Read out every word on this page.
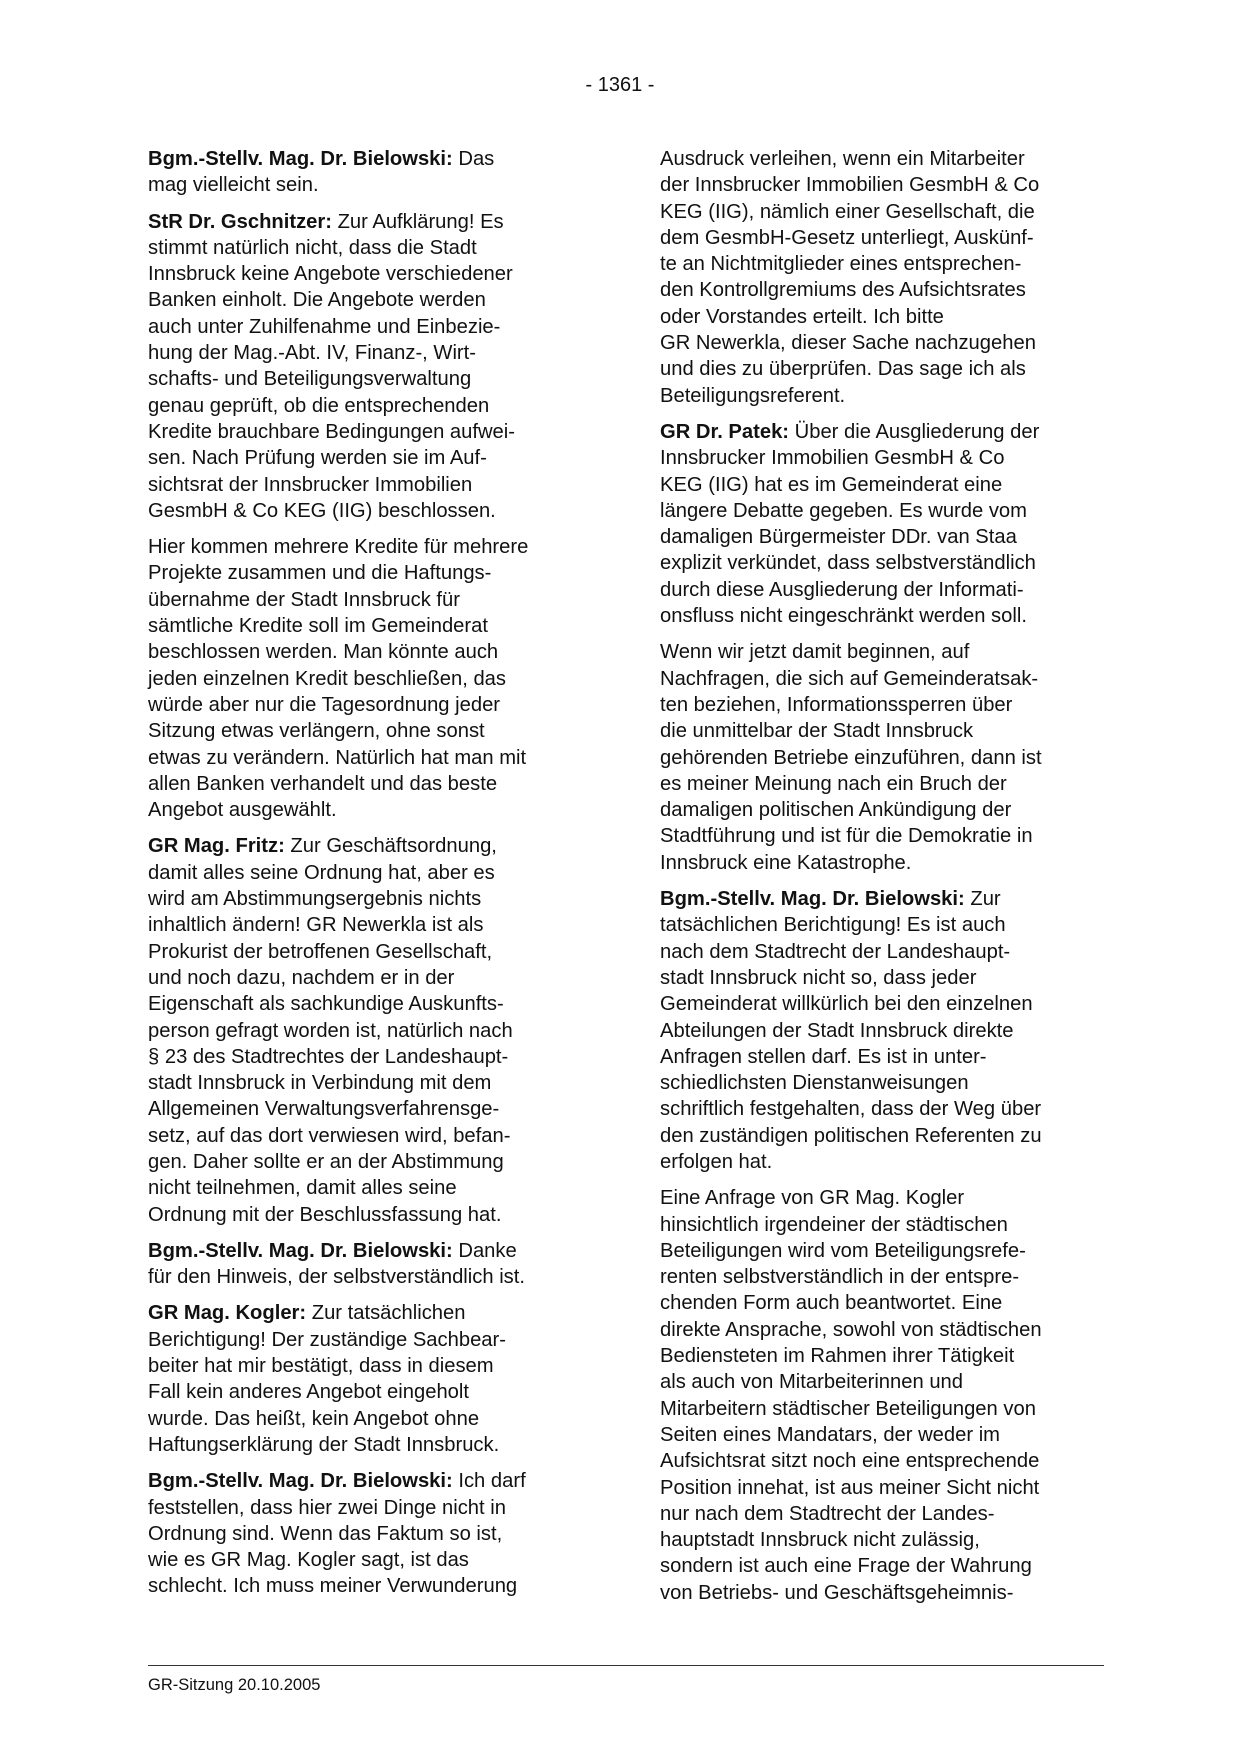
- 1361 -
Bgm.-Stellv. Mag. Dr. Bielowski: Das
mag vielleicht sein.
StR Dr. Gschnitzer: Zur Aufklärung! Es
stimmt natürlich nicht, dass die Stadt
Innsbruck keine Angebote verschiedener
Banken einholt. Die Angebote werden
auch unter Zuhilfenahme und Einbezie-
hung der Mag.-Abt. IV, Finanz-, Wirt-
schafts- und Beteiligungsverwaltung
genau geprüft, ob die entsprechenden
Kredite brauchbare Bedingungen aufwei-
sen. Nach Prüfung werden sie im Auf-
sichtsrat der Innsbrucker Immobilien
GesmbH & Co KEG (IIG) beschlossen.
Hier kommen mehrere Kredite für mehrere
Projekte zusammen und die Haftungs-
übernahme der Stadt Innsbruck für
sämtliche Kredite soll im Gemeinderat
beschlossen werden. Man könnte auch
jeden einzelnen Kredit beschließen, das
würde aber nur die Tagesordnung jeder
Sitzung etwas verlängern, ohne sonst
etwas zu verändern. Natürlich hat man mit
allen Banken verhandelt und das beste
Angebot ausgewählt.
GR Mag. Fritz: Zur Geschäftsordnung,
damit alles seine Ordnung hat, aber es
wird am Abstimmungsergebnis nichts
inhaltlich ändern! GR Newerkla ist als
Prokurist der betroffenen Gesellschaft,
und noch dazu, nachdem er in der
Eigenschaft als sachkundige Auskunfts-
person gefragt worden ist, natürlich nach
§ 23 des Stadtrechtes der Landeshaupt-
stadt Innsbruck in Verbindung mit dem
Allgemeinen Verwaltungsverfahrensge-
setz, auf das dort verwiesen wird, befan-
gen. Daher sollte er an der Abstimmung
nicht teilnehmen, damit alles seine
Ordnung mit der Beschlussfassung hat.
Bgm.-Stellv. Mag. Dr. Bielowski: Danke
für den Hinweis, der selbstverständlich ist.
GR Mag. Kogler: Zur tatsächlichen
Berichtigung! Der zuständige Sachbear-
beiter hat mir bestätigt, dass in diesem
Fall kein anderes Angebot eingeholt
wurde. Das heißt, kein Angebot ohne
Haftungserklärung der Stadt Innsbruck.
Bgm.-Stellv. Mag. Dr. Bielowski: Ich darf
feststellen, dass hier zwei Dinge nicht in
Ordnung sind. Wenn das Faktum so ist,
wie es GR Mag. Kogler sagt, ist das
schlecht. Ich muss meiner Verwunderung
Ausdruck verleihen, wenn ein Mitarbeiter
der Innsbrucker Immobilien GesmbH & Co
KEG (IIG), nämlich einer Gesellschaft, die
dem GesmbH-Gesetz unterliegt, Auskünf-
te an Nichtmitglieder eines entsprechen-
den Kontrollgremiums des Aufsichtsrates
oder Vorstandes erteilt. Ich bitte
GR Newerkla, dieser Sache nachzugehen
und dies zu überprüfen. Das sage ich als
Beteiligungsreferent.
GR Dr. Patek: Über die Ausgliederung der
Innsbrucker Immobilien GesmbH & Co
KEG (IIG) hat es im Gemeinderat eine
längere Debatte gegeben. Es wurde vom
damaligen Bürgermeister DDr. van Staa
explizit verkündet, dass selbstverständlich
durch diese Ausgliederung der Informati-
onsfluss nicht eingeschränkt werden soll.
Wenn wir jetzt damit beginnen, auf
Nachfragen, die sich auf Gemeinderatsak-
ten beziehen, Informationssperren über
die unmittelbar der Stadt Innsbruck
gehörenden Betriebe einzuführen, dann ist
es meiner Meinung nach ein Bruch der
damaligen politischen Ankündigung der
Stadtführung und ist für die Demokratie in
Innsbruck eine Katastrophe.
Bgm.-Stellv. Mag. Dr. Bielowski: Zur
tatsächlichen Berichtigung! Es ist auch
nach dem Stadtrecht der Landeshaupt-
stadt Innsbruck nicht so, dass jeder
Gemeinderat willkürlich bei den einzelnen
Abteilungen der Stadt Innsbruck direkte
Anfragen stellen darf. Es ist in unter-
schiedlichsten Dienstanweisungen
schriftlich festgehalten, dass der Weg über
den zuständigen politischen Referenten zu
erfolgen hat.
Eine Anfrage von GR Mag. Kogler
hinsichtlich irgendeiner der städtischen
Beteiligungen wird vom Beteiligungsrefe-
renten selbstverständlich in der entspre-
chenden Form auch beantwortet. Eine
direkte Ansprache, sowohl von städtischen
Bediensteten im Rahmen ihrer Tätigkeit
als auch von Mitarbeiterinnen und
Mitarbeitern städtischer Beteiligungen von
Seiten eines Mandatars, der weder im
Aufsichtsrat sitzt noch eine entsprechende
Position innehat, ist aus meiner Sicht nicht
nur nach dem Stadtrecht der Landes-
hauptstadt Innsbruck nicht zulässig,
sondern ist auch eine Frage der Wahrung
von Betriebs- und Geschäftsgeheimnis-
GR-Sitzung 20.10.2005
